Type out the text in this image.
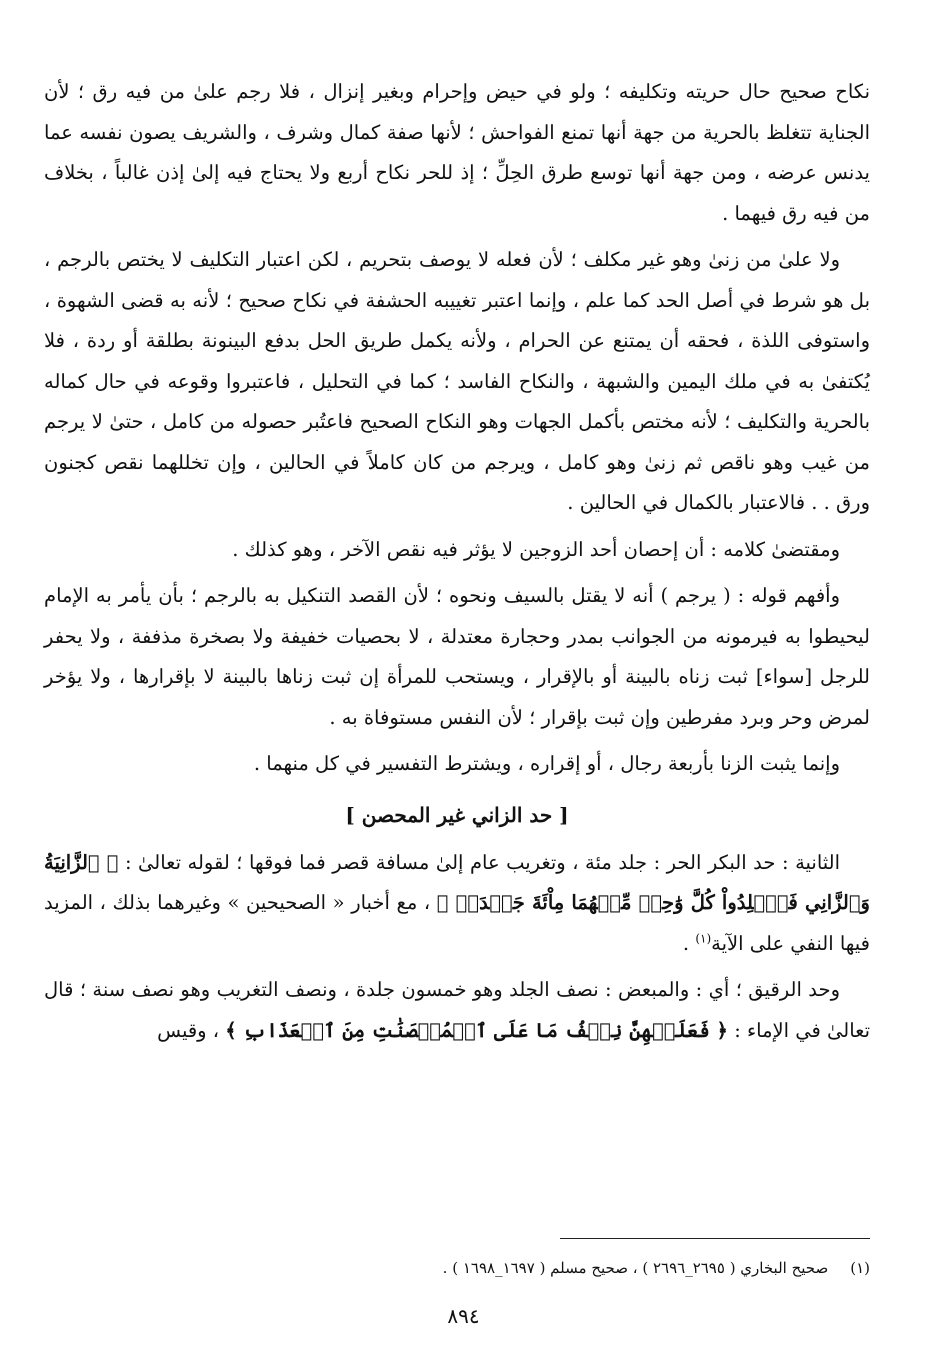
نكاح صحيح حال حريته وتكليفه ؛ ولو في حيض وإحرام وبغير إنزال ، فلا رجم علىٰ من فيه رق ؛ لأن الجناية تتغلظ بالحرية من جهة أنها تمنع الفواحش ؛ لأنها صفة كمال وشرف ، والشريف يصون نفسه عما يدنس عرضه ، ومن جهة أنها توسع طرق الحِلِّ ؛ إذ للحر نكاح أربع ولا يحتاج فيه إلىٰ إذن غالباً ، بخلاف من فيه رق فيهما .

ولا علىٰ من زنىٰ وهو غير مكلف ؛ لأن فعله لا يوصف بتحريم ، لكن اعتبار التكليف لا يختص بالرجم ، بل هو شرط في أصل الحد كما علم ، وإنما اعتبر تغييبه الحشفة في نكاح صحيح ؛ لأنه به قضى الشهوة ، واستوفى اللذة ، فحقه أن يمتنع عن الحرام ، ولأنه يكمل طريق الحل بدفع البينونة بطلقة أو ردة ، فلا يُكتفىٰ به في ملك اليمين والشبهة ، والنكاح الفاسد ؛ كما في التحليل ، فاعتبروا وقوعه في حال كماله بالحرية والتكليف ؛ لأنه مختص بأكمل الجهات وهو النكاح الصحيح فاعتُبر حصوله من كامل ، حتىٰ لا يرجم من غيب وهو ناقص ثم زنىٰ وهو كامل ، ويرجم من كان كاملاً في الحالين ، وإن تخللهما نقص كجنون ورق . . فالاعتبار بالكمال في الحالين .

ومقتضىٰ كلامه : أن إحصان أحد الزوجين لا يؤثر فيه نقص الآخر ، وهو كذلك .

وأفهم قوله : ( يرجم ) أنه لا يقتل بالسيف ونحوه ؛ لأن القصد التنكيل به بالرجم ؛ بأن يأمر به الإمام ليحيطوا به فيرمونه من الجوانب بمدر وحجارة معتدلة ، لا بحصيات خفيفة ولا بصخرة مذففة ، ولا يحفر للرجل [سواء] ثبت زناه بالبينة أو بالإقرار ، ويستحب للمرأة إن ثبت زناها بالبينة لا بإقرارها ، ولا يؤخر لمرض وحر وبرد مفرطين وإن ثبت بإقرار ؛ لأن النفس مستوفاة به .

وإنما يثبت الزنا بأربعة رجال ، أو إقراره ، ويشترط التفسير في كل منهما .

[ حد الزاني غير المحصن ]

الثانية : حد البكر الحر : جلد مئة ، وتغريب عام إلىٰ مسافة قصر فما فوقها ؛ لقوله تعالىٰ : ﴿ ٱلزَّانِيَةُ وَٱلزَّانِي فَٱجۡلِدُواْ كُلَّ وَٰحِدٖ مِّنۡهُمَا مِاْئَةَ جَلۡدَةٖ ﴾ ، مع أخبار « الصحيحين » وغيرهما بذلك ، المزيد فيها النفي على الآية$^{(١)}$ .

وحد الرقيق ؛ أي : والمبعض : نصف الجلد وهو خمسون جلدة ، ونصف التغريب وهو نصف سنة ؛ قال تعالىٰ في الإماء : ﴿ فَعَلَيۡهِنَّ نِصۡفُ مَا عَلَى ٱلۡمُحۡصَنَٰتِ مِنَ ٱلۡعَذَابِ ﴾ ، وقيس

(١)صحيح البخاري ( ٢٦٩٥_٢٦٩٦ ) ، صحيح مسلم ( ١٦٩٧_١٦٩٨ ) .
٨٩٤
